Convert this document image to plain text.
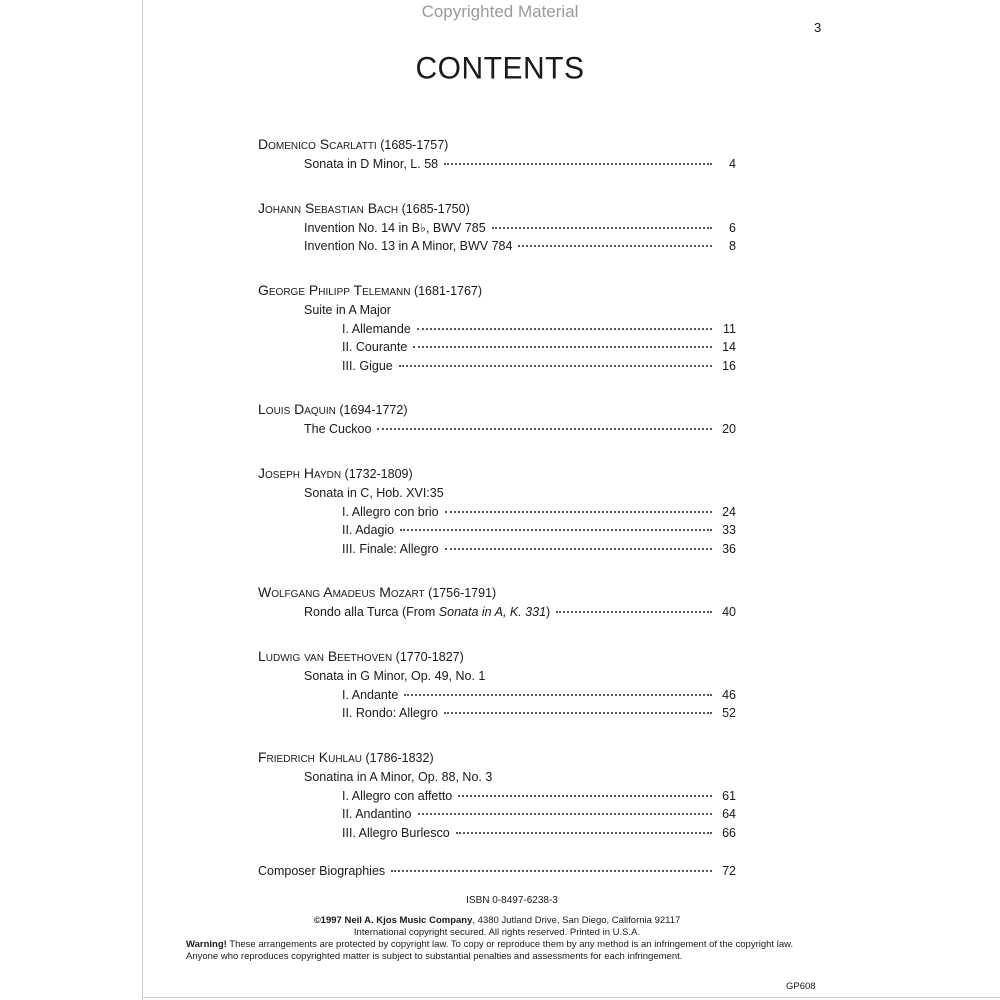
Copyrighted Material
3
CONTENTS
Domenico Scarlatti (1685-1757)
Sonata in D Minor, L. 58	4
Johann Sebastian Bach (1685-1750)
Invention No. 14 in B♭, BWV 785	6
Invention No. 13 in A Minor, BWV 784	8
George Philipp Telemann (1681-1767)
Suite in A Major
I. Allemande	11
II. Courante	14
III. Gigue	16
Louis Daquin (1694-1772)
The Cuckoo	20
Joseph Haydn (1732-1809)
Sonata in C, Hob. XVI:35
I. Allegro con brio	24
II. Adagio	33
III. Finale: Allegro	36
Wolfgang Amadeus Mozart (1756-1791)
Rondo alla Turca (From Sonata in A, K. 331)	40
Ludwig van Beethoven (1770-1827)
Sonata in G Minor, Op. 49, No. 1
I. Andante	46
II. Rondo: Allegro	52
Friedrich Kuhlau (1786-1832)
Sonatina in A Minor, Op. 88, No. 3
I. Allegro con affetto	61
II. Andantino	64
III. Allegro Burlesco	66
Composer Biographies	72
ISBN 0-8497-6238-3
©1997 Neil A. Kjos Music Company, 4380 Jutland Drive, San Diego, California 92117
International copyright secured. All rights reserved. Printed in U.S.A.
Warning! These arrangements are protected by copyright law. To copy or reproduce them by any method is an infringement of the copyright law. Anyone who reproduces copyrighted matter is subject to substantial penalties and assessments for each infringement.
GP608
